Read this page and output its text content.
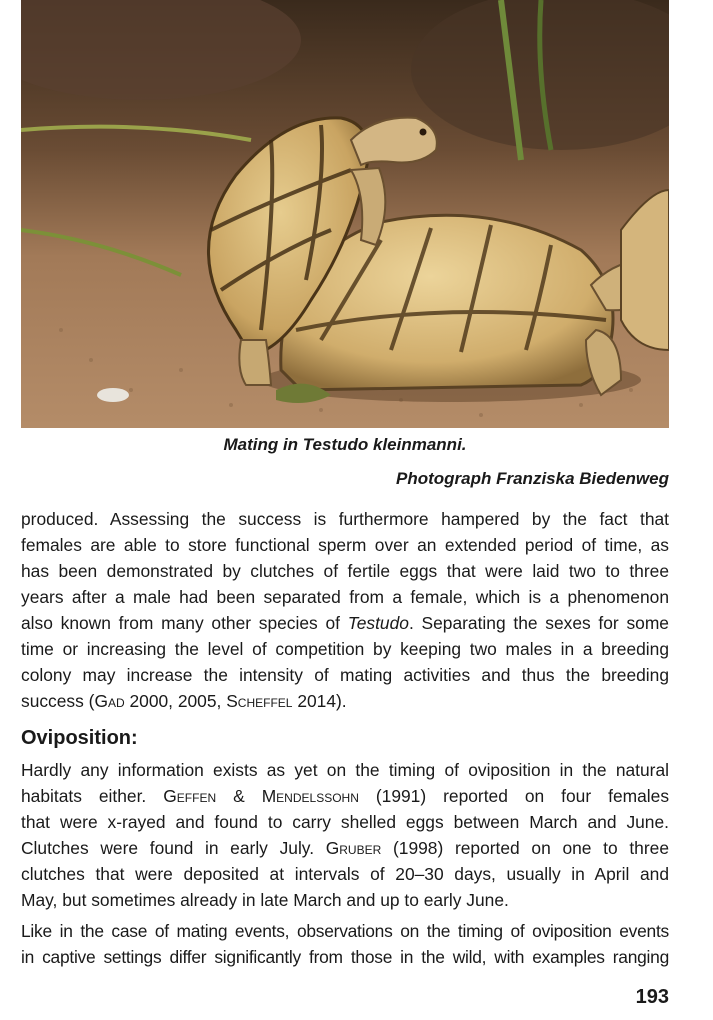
Mating in Testudo kleinmanni.
Photograph Franziska Biedenweg
produced. Assessing the success is furthermore hampered by the fact that
females are able to store functional sperm over an extended period of time, as
has been demonstrated by clutches of fertile eggs that were laid two to three
years after a male had been separated from a female, which is a phenomenon
also known from many other species of Testudo. Separating the sexes for some
time or increasing the level of competition by keeping two males in a breeding
colony may increase the intensity of mating activities and thus the breeding
success (Gad 2000, 2005, Scheffel 2014).
Oviposition:
Hardly any information exists as yet on the timing of oviposition in the natural
habitats either. Geffen & Mendelssohn (1991) reported on four females
that were x-rayed and found to carry shelled eggs between March and June.
Clutches were found in early July. Gruber (1998) reported on one to three
clutches that were deposited at intervals of 20–30 days, usually in April and
May, but sometimes already in late March and up to early June.
Like in the case of mating events, observations on the timing of oviposition events
in captive settings differ significantly from those in the wild, with examples ranging
193
